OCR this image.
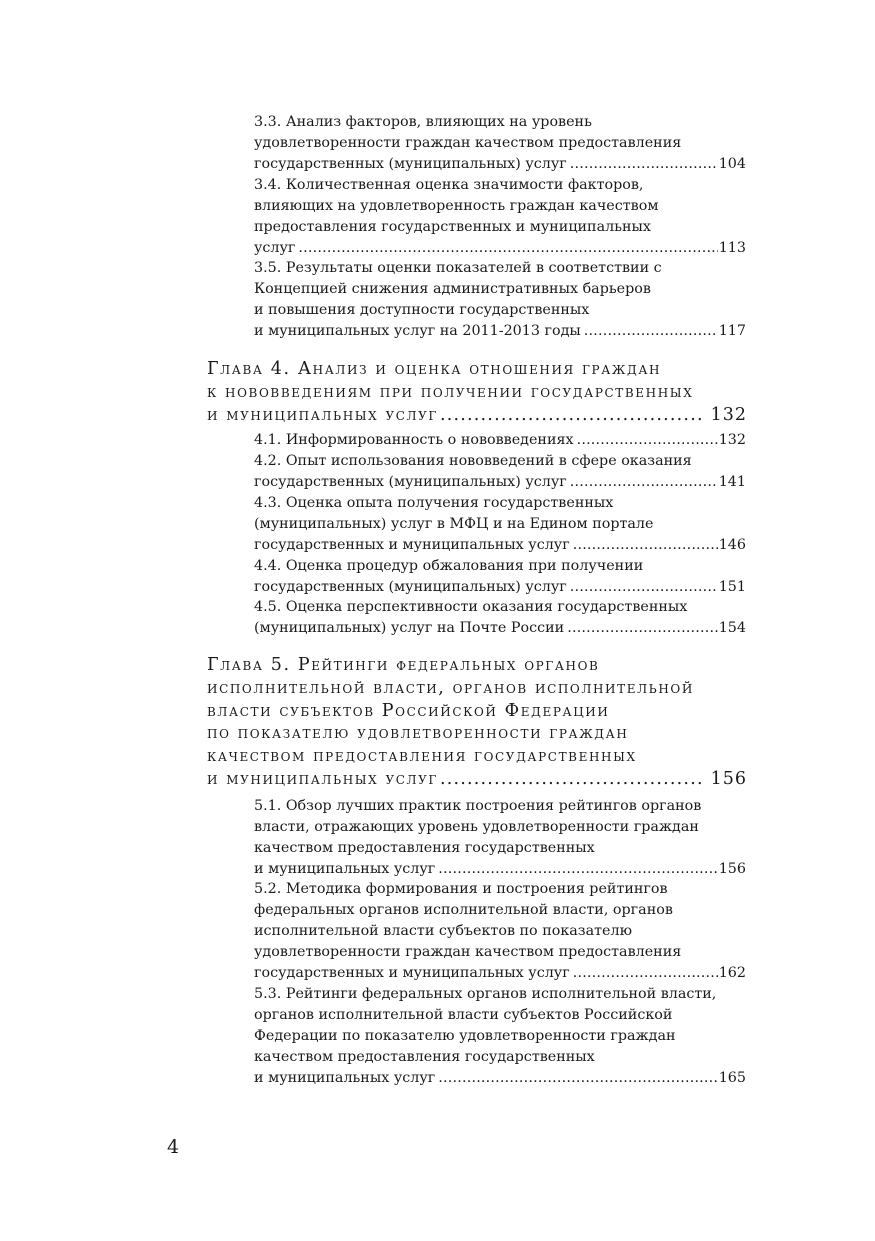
3.3. Анализ факторов, влияющих на уровень
удовлетворенности граждан качеством предоставления
государственных (муниципальных) услуг .....	104
3.4. Количественная оценка значимости факторов,
влияющих на удовлетворенность граждан качеством
предоставления государственных и муниципальных
услуг .....	113
3.5. Результаты оценки показателей в соответствии с
Концепцией снижения административных барьеров
и повышения доступности государственных
и муниципальных услуг на 2011-2013 годы .....	117
Глава 4. Анализ и оценка отношения граждан
к нововведениям при получении государственных
и муниципальных услуг .....	132
4.1. Информированность о нововведениях .....	132
4.2. Опыт использования нововведений в сфере оказания
государственных (муниципальных) услуг .....	141
4.3. Оценка опыта получения государственных
(муниципальных) услуг в МФЦ и на Едином портале
государственных и муниципальных услуг .....	146
4.4. Оценка процедур обжалования при получении
государственных (муниципальных) услуг .....	151
4.5. Оценка перспективности оказания государственных
(муниципальных) услуг на Почте России .....	154
Глава 5. Рейтинги федеральных органов
исполнительной власти, органов исполнительной
власти субъектов Российской Федерации
по показателю удовлетворенности граждан
качеством предоставления государственных
и муниципальных услуг .....	156
5.1. Обзор лучших практик построения рейтингов органов
власти, отражающих уровень удовлетворенности граждан
качеством предоставления государственных
и муниципальных услуг .....	156
5.2. Методика формирования и построения рейтингов
федеральных органов исполнительной власти, органов
исполнительной власти субъектов по показателю
удовлетворенности граждан качеством предоставления
государственных и муниципальных услуг .....	162
5.3. Рейтинги федеральных органов исполнительной власти,
органов исполнительной власти субъектов Российской
Федерации по показателю удовлетворенности граждан
качеством предоставления государственных
и муниципальных услуг .....	165
4
